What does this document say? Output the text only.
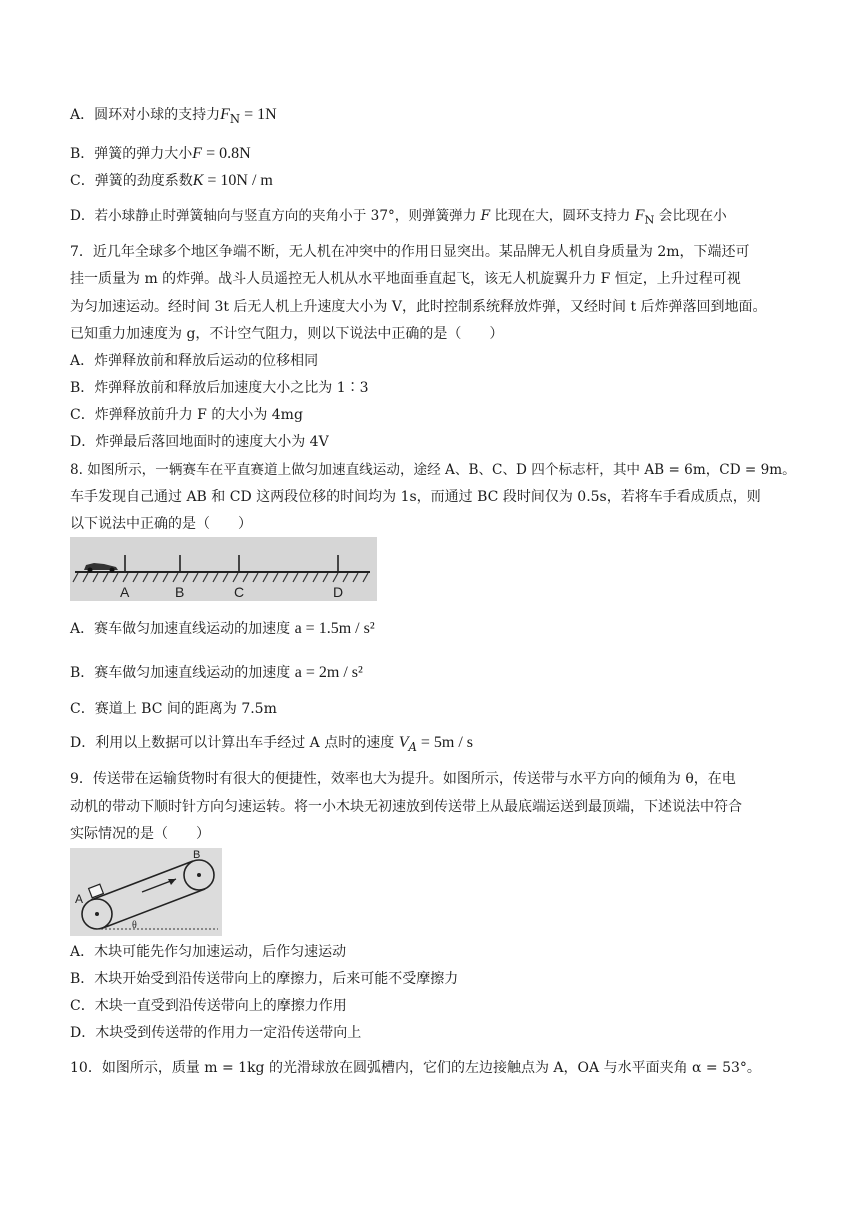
A．圆环对小球的支持力$F_N = 1N$
B．弹簧的弹力大小F = 0.8N
C．弹簧的劲度系数K = 10N / m
D．若小球静止时弹簧轴向与竖直方向的夹角小于 37°，则弹簧弹力 F 比现在大，圆环支持力 $F_N$ 会比现在小
7．近几年全球多个地区争端不断，无人机在冲突中的作用日显突出。某品牌无人机自身质量为 2m，下端还可
挂一质量为 m 的炸弹。战斗人员遥控无人机从水平地面垂直起飞，该无人机旋翼升力 F 恒定，上升过程可视
为匀加速运动。经时间 3t 后无人机上升速度大小为 V，此时控制系统释放炸弹，又经时间 t 后炸弹落回到地面。
已知重力加速度为 g，不计空气阻力，则以下说法中正确的是（　　）
A．炸弹释放前和释放后运动的位移相同
B．炸弹释放前和释放后加速度大小之比为 1∶3
C．炸弹释放前升力 F 的大小为 4mg
D．炸弹最后落回地面时的速度大小为 4V
8. 如图所示，一辆赛车在平直赛道上做匀加速直线运动，途经 A、B、C、D 四个标志杆，其中 AB = 6m，CD = 9m。
车手发现自己通过 AB 和 CD 这两段位移的时间均为 1s，而通过 BC 段时间仅为 0.5s，若将车手看成质点，则
以下说法中正确的是（　　）
A	B	C	D
A．赛车做匀加速直线运动的加速度 a = 1.5m / s²
B．赛车做匀加速直线运动的加速度 a = 2m / s²
C．赛道上 BC 间的距离为 7.5m
D．利用以上数据可以计算出车手经过 A 点时的速度 $V_A = 5m / s$
9．传送带在运输货物时有很大的便捷性，效率也大为提升。如图所示，传送带与水平方向的倾角为 θ，在电
动机的带动下顺时针方向匀速运转。将一小木块无初速放到传送带上从最底端运送到最顶端，下述说法中符合
实际情况的是（　　）
A
B
θ
A．木块可能先作匀加速运动，后作匀速运动
B．木块开始受到沿传送带向上的摩擦力，后来可能不受摩擦力
C．木块一直受到沿传送带向上的摩擦力作用
D．木块受到传送带的作用力一定沿传送带向上
10．如图所示，质量 m = 1kg 的光滑球放在圆弧槽内，它们的左边接触点为 A，OA 与水平面夹角 α = 53°。
